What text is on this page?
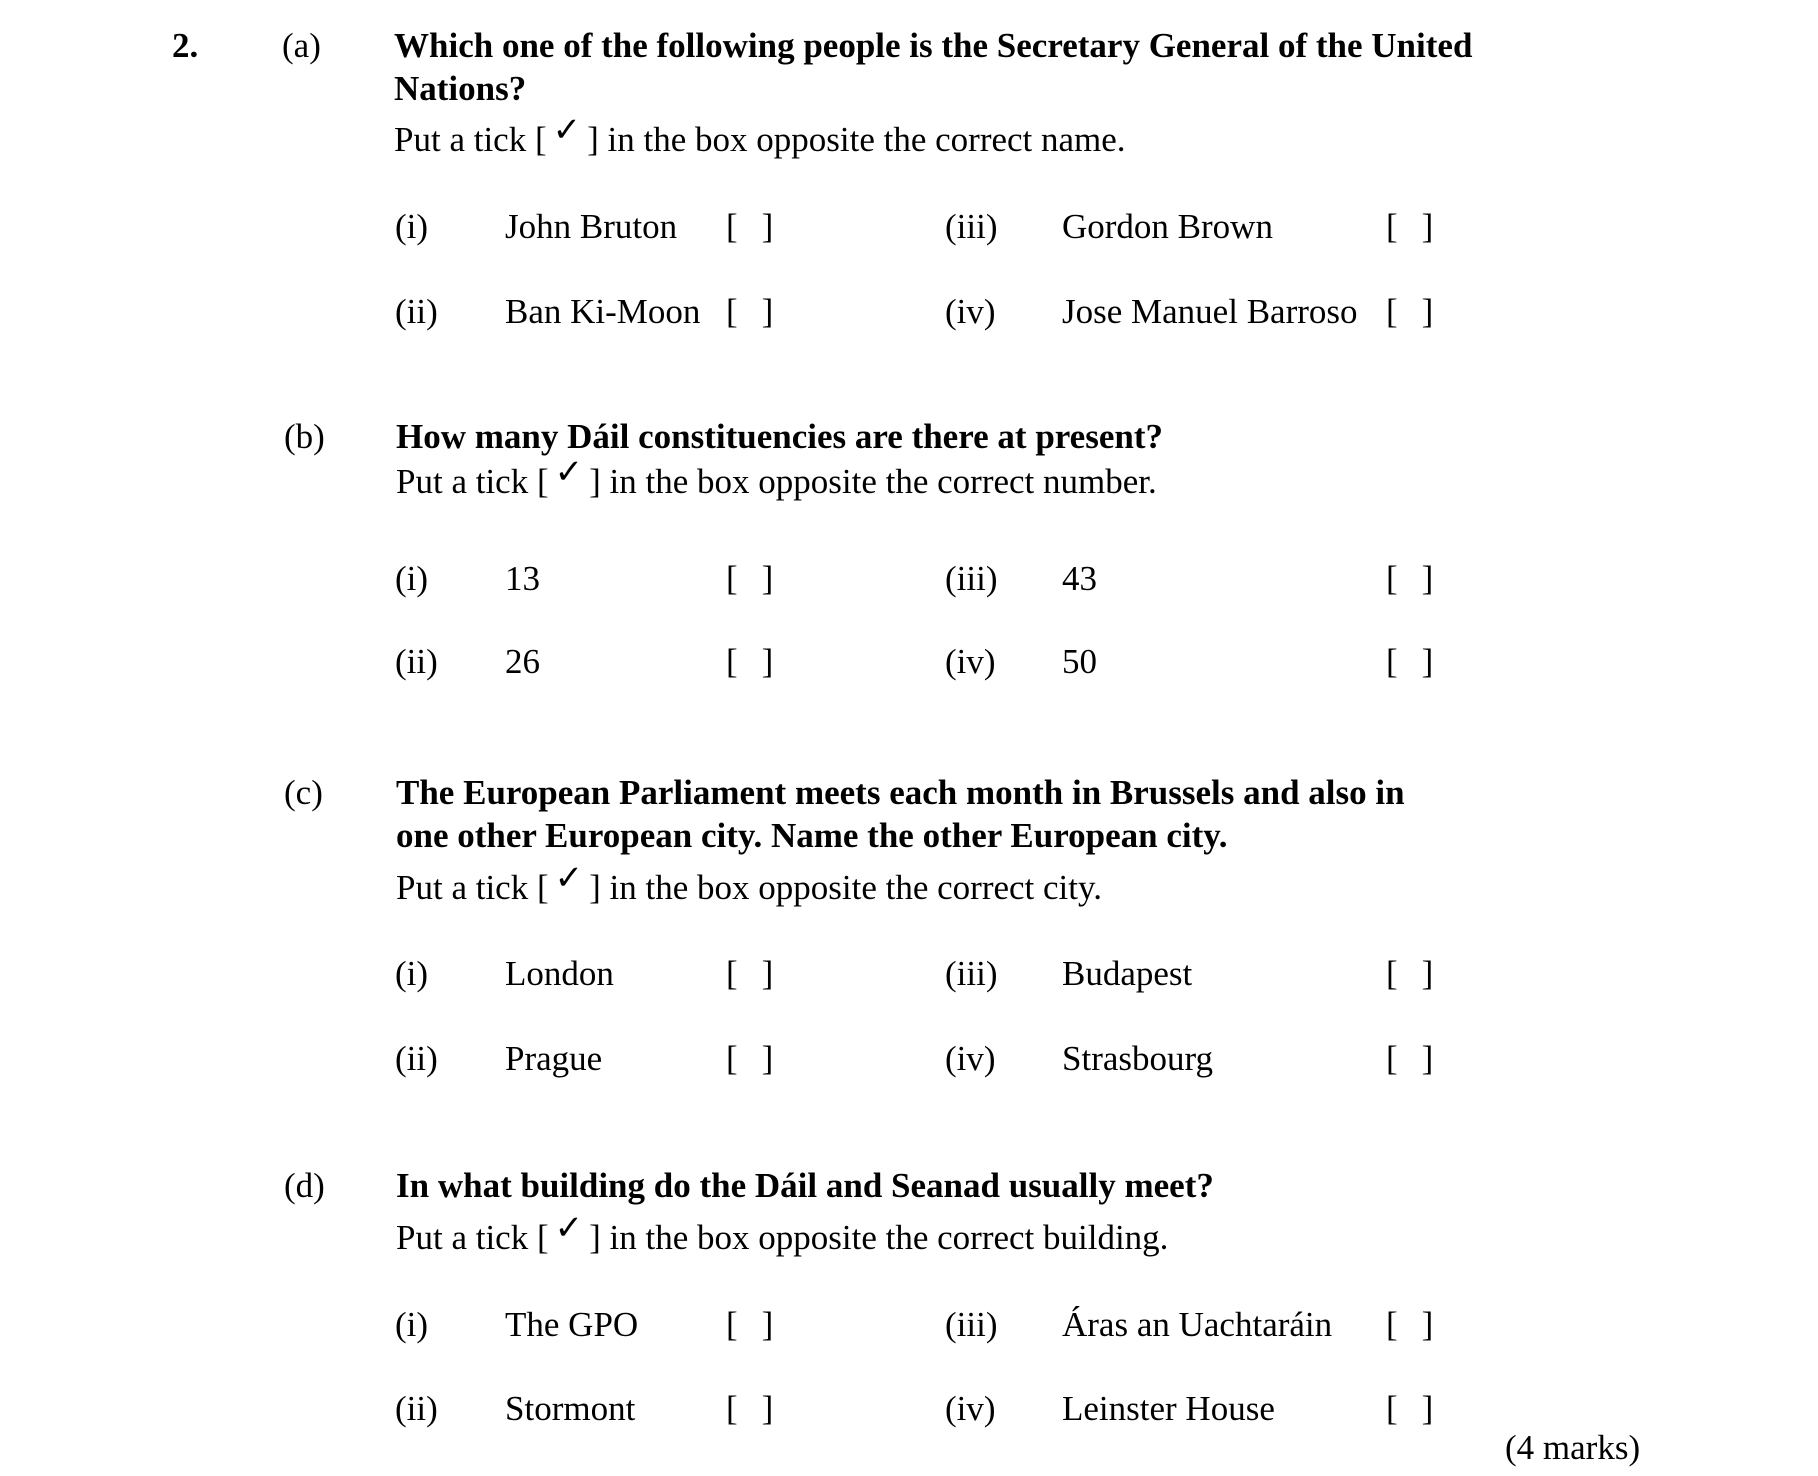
2. (a) Which one of the following people is the Secretary General of the United
Nations?
Put a tick [ ✓ ] in the box opposite the correct name.
(i) John Bruton [ ]
(ii) Ban Ki-Moon [ ]
(iii) Gordon Brown	[ ]
(iv) Jose Manuel Barroso [ ]
(b) How many Dáil constituencies are there at present?
Put a tick [ ✓ ] in the box opposite the correct number.
(i) 13	[ ]
(ii) 26	[ ]
(iii) 43	[ ]
(iv) 50	[ ]
(c) The European Parliament meets each month in Brussels and also in
one other European city. Name the other European city.
Put a tick [ ✓ ] in the box opposite the correct city.
(i) London	[ ]
(ii) Prague	[ ]
(iii) Budapest	[ ]
(iv) Strasbourg	[ ]
(d) In what building do the Dáil and Seanad usually meet?
Put a tick [ ✓ ] in the box opposite the correct building.
(i) The GPO	[ ]
(ii) Stormont	[ ]
(iii) Áras an Uachtaráin [ ]
(iv) Leinster House	[ ]
(4 marks)
